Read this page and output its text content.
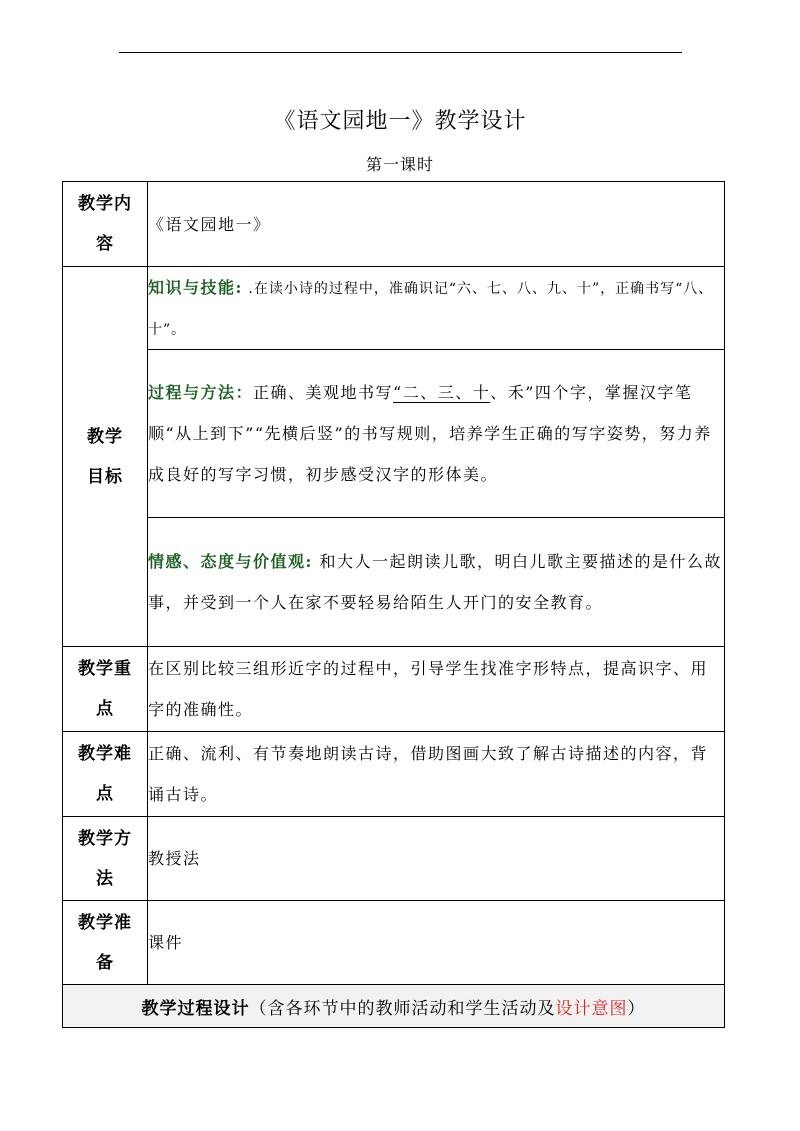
《语文园地一》教学设计
第一课时
教学内
容	《语文园地一》
教学
目标	知识与技能: .在读小诗的过程中，准确识记“六、七、八、九、十”，正确书写“八、十”。
	过程与方法：正确、美观地书写“二、三、十、禾”四个字，掌握汉字笔顺“从上到下”“先横后竖”的书写规则，培养学生正确的写字姿势，努力养成良好的写字习惯，初步感受汉字的形体美。
	情感、态度与价值观: 和大人一起朗读儿歌，明白儿歌主要描述的是什么故事，并受到一个人在家不要轻易给陌生人开门的安全教育。
教学重
点	在区别比较三组形近字的过程中，引导学生找准字形特点，提高识字、用字的准确性。
教学难
点	正确、流利、有节奏地朗读古诗，借助图画大致了解古诗描述的内容，背诵古诗。
教学方
法	教授法
教学准
备	课件
教学过程设计（含各环节中的教师活动和学生活动及设计意图）	
